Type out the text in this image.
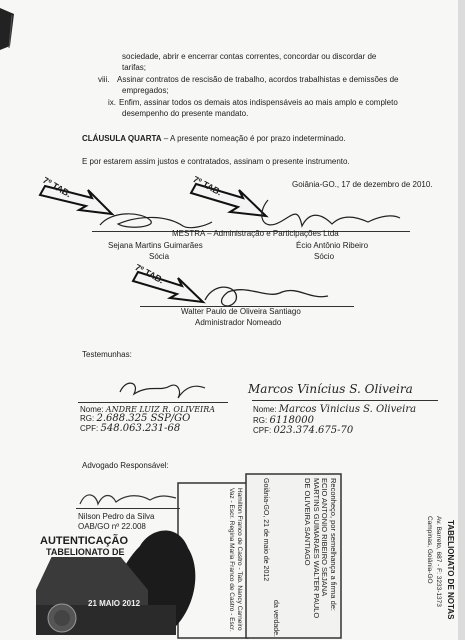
sociedade, abrir e encerrar contas correntes, concordar ou discordar de
tarifas;
viii. Assinar contratos de rescisão de trabalho, acordos trabalhistas e demissões de
empregados;
ix. Enfim, assinar todos os demais atos indispensáveis ao mais amplo e completo
desempenho do presente mandato.
CLÁUSULA QUARTA – A presente nomeação é por prazo indeterminado.
E por estarem assim justos e contratados, assinam o presente instrumento.
Goiânia-GO., 17 de dezembro de 2010.
7º TAB.	7º TAB.
7º TAB.
MESTRA – Administração e Participações Ltda
Sejana Martins Guimarães
Sócia
Écio Antônio Ribeiro
Sócio
Walter Paulo de Oliveira Santiago
Administrador Nomeado
Testemunhas:
Nome: ANDRE LUIZ R. OLIVEIRA
RG: 2.688.325 SSP/GO
CPF: 548.063.231-68
Marcos Vinícius S. Oliveira
Nome: Marcos Vinicius S. Oliveira
RG: 6118000
CPF: 023.374.675-70
Advogado Responsável:
Nilson Pedro da Silva
OAB/GO nº 22.008	TABELIONATO DE NOTAS
Av. Barreto, 687 - F: 3233-1373
Campinas, Goiânia-GO
Reconheço, por semelhança a firma de: ECIO ANTONIO RIBEIRO SEJANA MARTINS GUIMARAES WALTER PAULO DE OLIVEIRA SANTIAGO
Goiânia-GO, 21 de maio de 2012
da verdade.
Hamilton Franco de Castro - Tab. Nancy Carneiro Vaz - Escr. Regina Maria Franco de Castro - Escr.
AUTENTICAÇÃO
TABELIONATO DE
21 MAIO 2012
